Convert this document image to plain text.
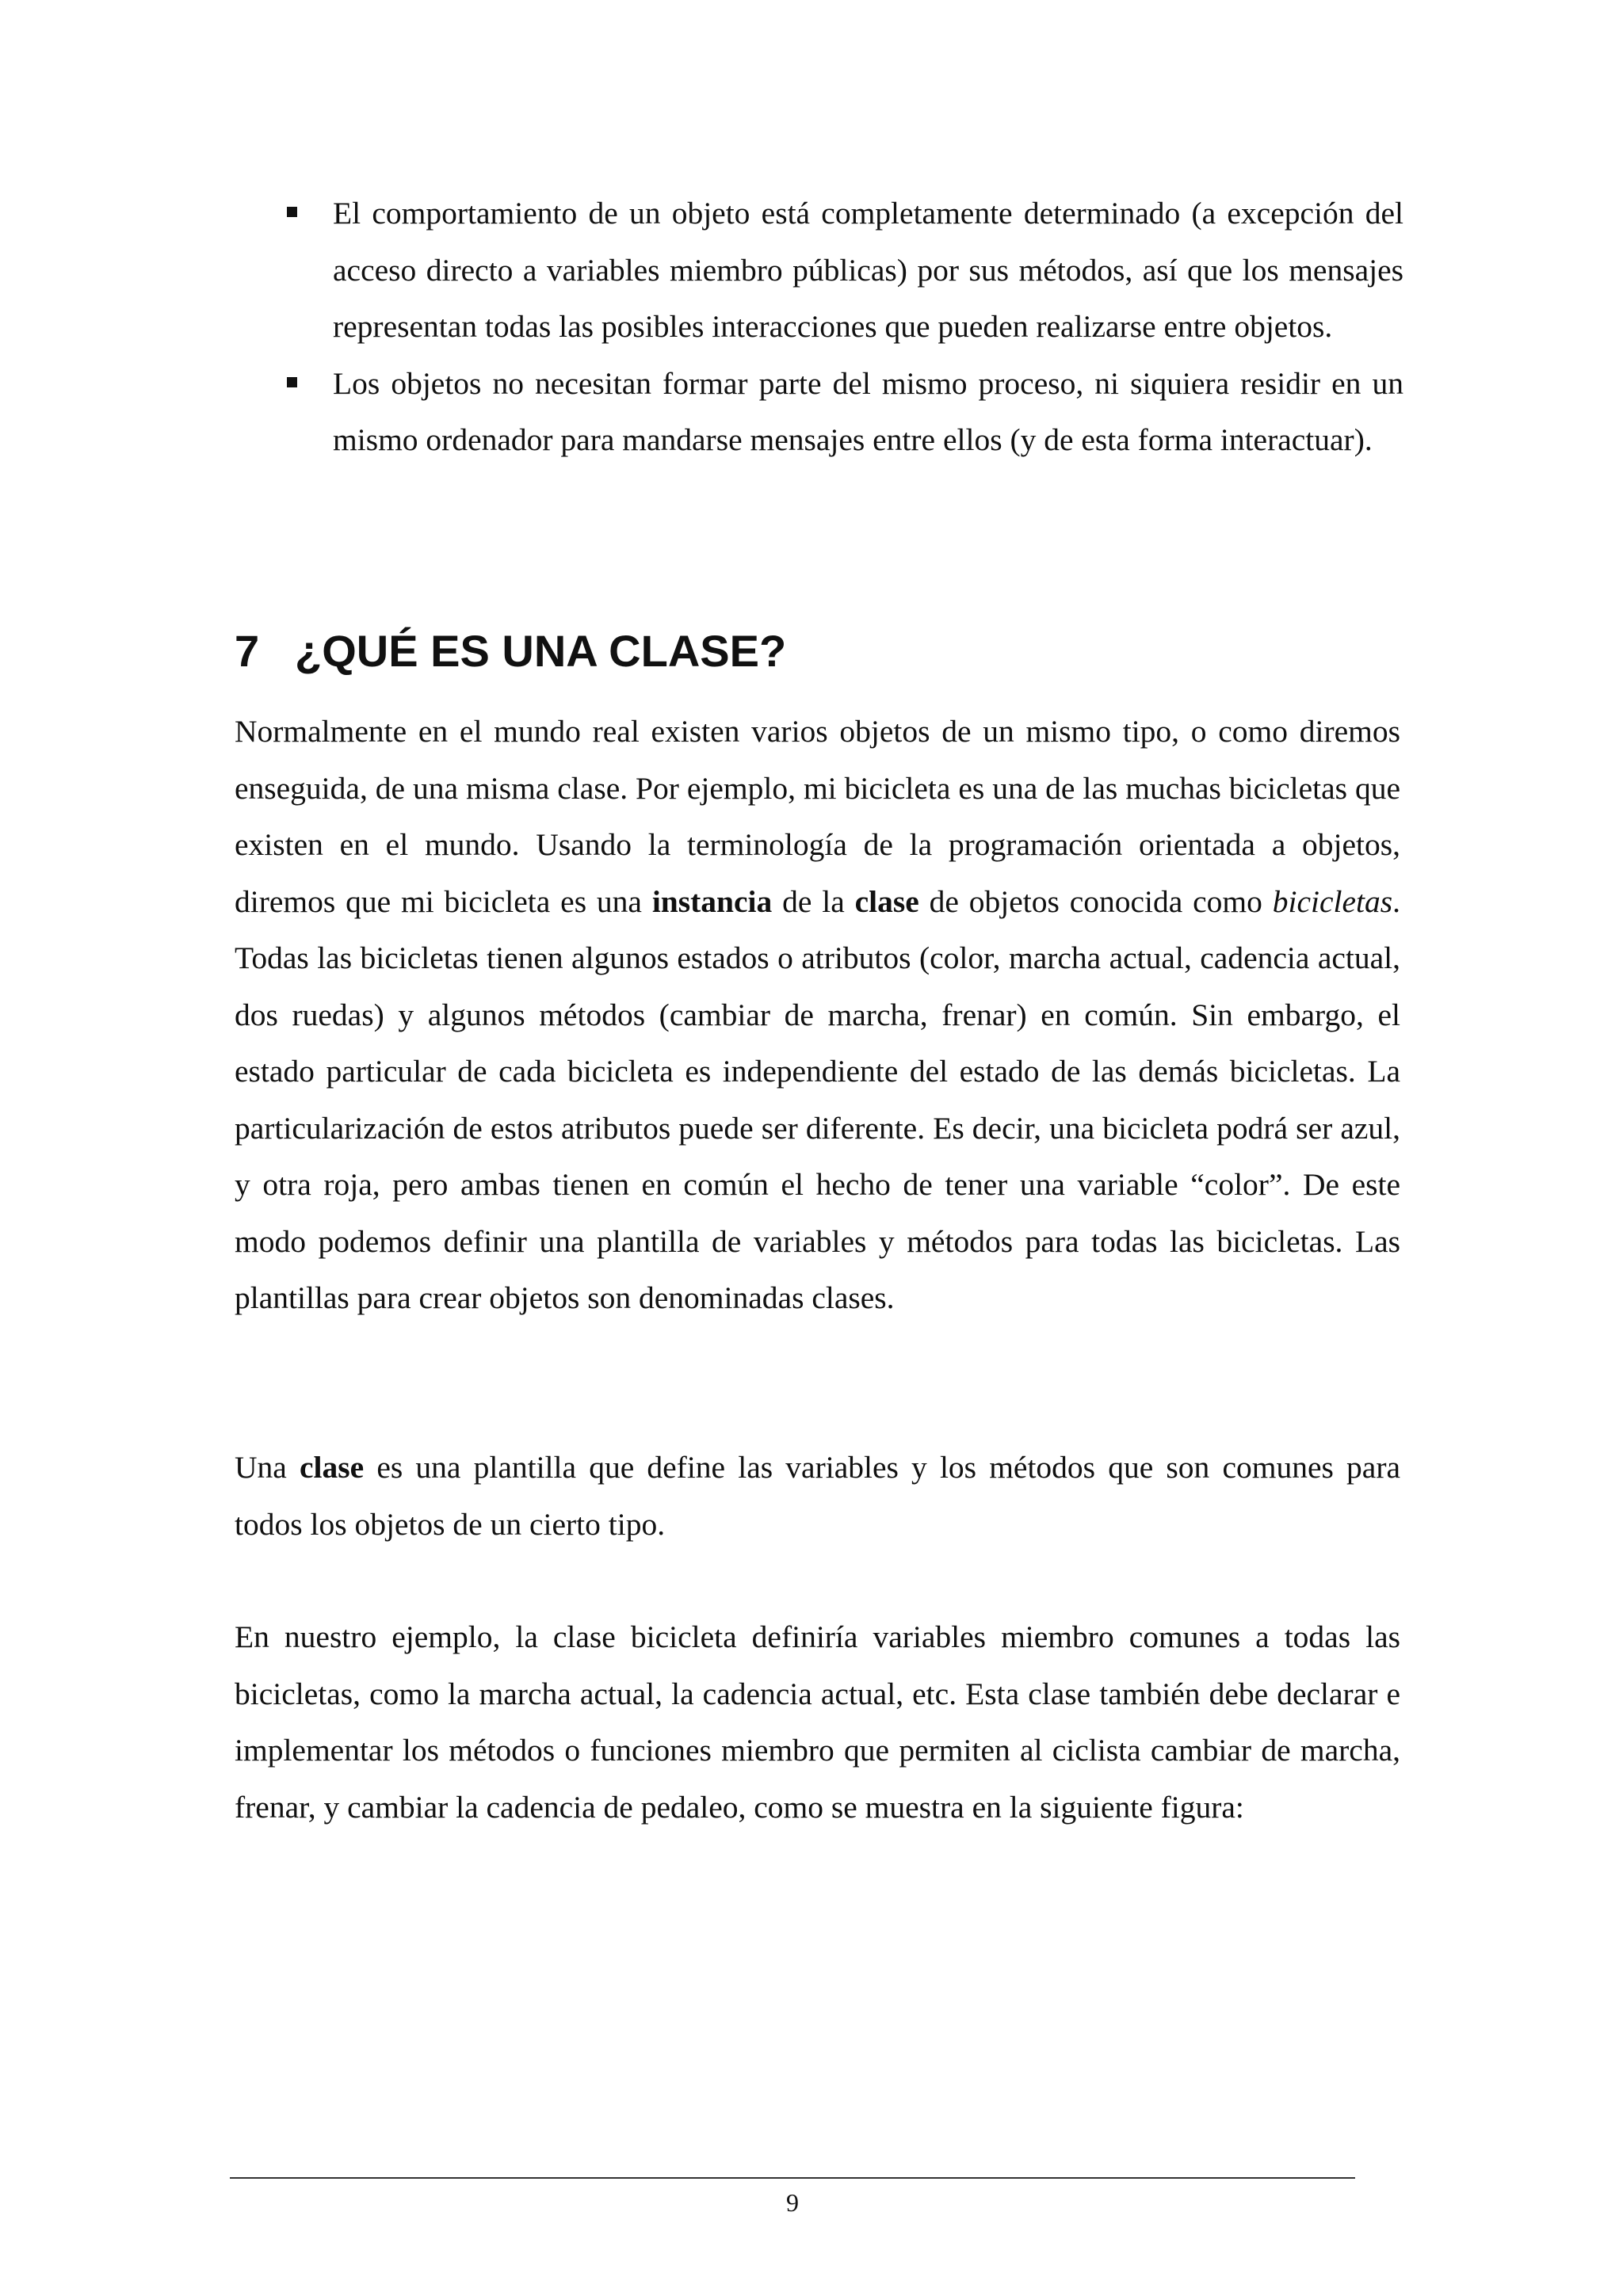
El comportamiento de un objeto está completamente determinado (a excepción del acceso directo a variables miembro públicas) por sus métodos, así que los mensajes representan todas las posibles interacciones que pueden realizarse entre objetos.
Los objetos no necesitan formar parte del mismo proceso, ni siquiera residir en un mismo ordenador para mandarse mensajes entre ellos (y de esta forma interactuar).
7 ¿QUÉ ES UNA CLASE?

Normalmente en el mundo real existen varios objetos de un mismo tipo, o como diremos enseguida, de una misma clase. Por ejemplo, mi bicicleta es una de las muchas bicicletas que existen en el mundo. Usando la terminología de la programación orientada a objetos, diremos que mi bicicleta es una instancia de la clase de objetos conocida como bicicletas. Todas las bicicletas tienen algunos estados o atributos (color, marcha actual, cadencia actual, dos ruedas) y algunos métodos (cambiar de marcha, frenar) en común. Sin embargo, el estado particular de cada bicicleta es independiente del estado de las demás bicicletas. La particularización de estos atributos puede ser diferente. Es decir, una bicicleta podrá ser azul, y otra roja, pero ambas tienen en común el hecho de tener una variable “color”. De este modo podemos definir una plantilla de variables y métodos para todas las bicicletas. Las plantillas para crear objetos son denominadas clases.

Una clase es una plantilla que define las variables y los métodos que son comunes para todos los objetos de un cierto tipo.

En nuestro ejemplo, la clase bicicleta definiría variables miembro comunes a todas las bicicletas, como la marcha actual, la cadencia actual, etc. Esta clase también debe declarar e implementar los métodos o funciones miembro que permiten al ciclista cambiar de marcha, frenar, y cambiar la cadencia de pedaleo, como se muestra en la siguiente figura:

9
